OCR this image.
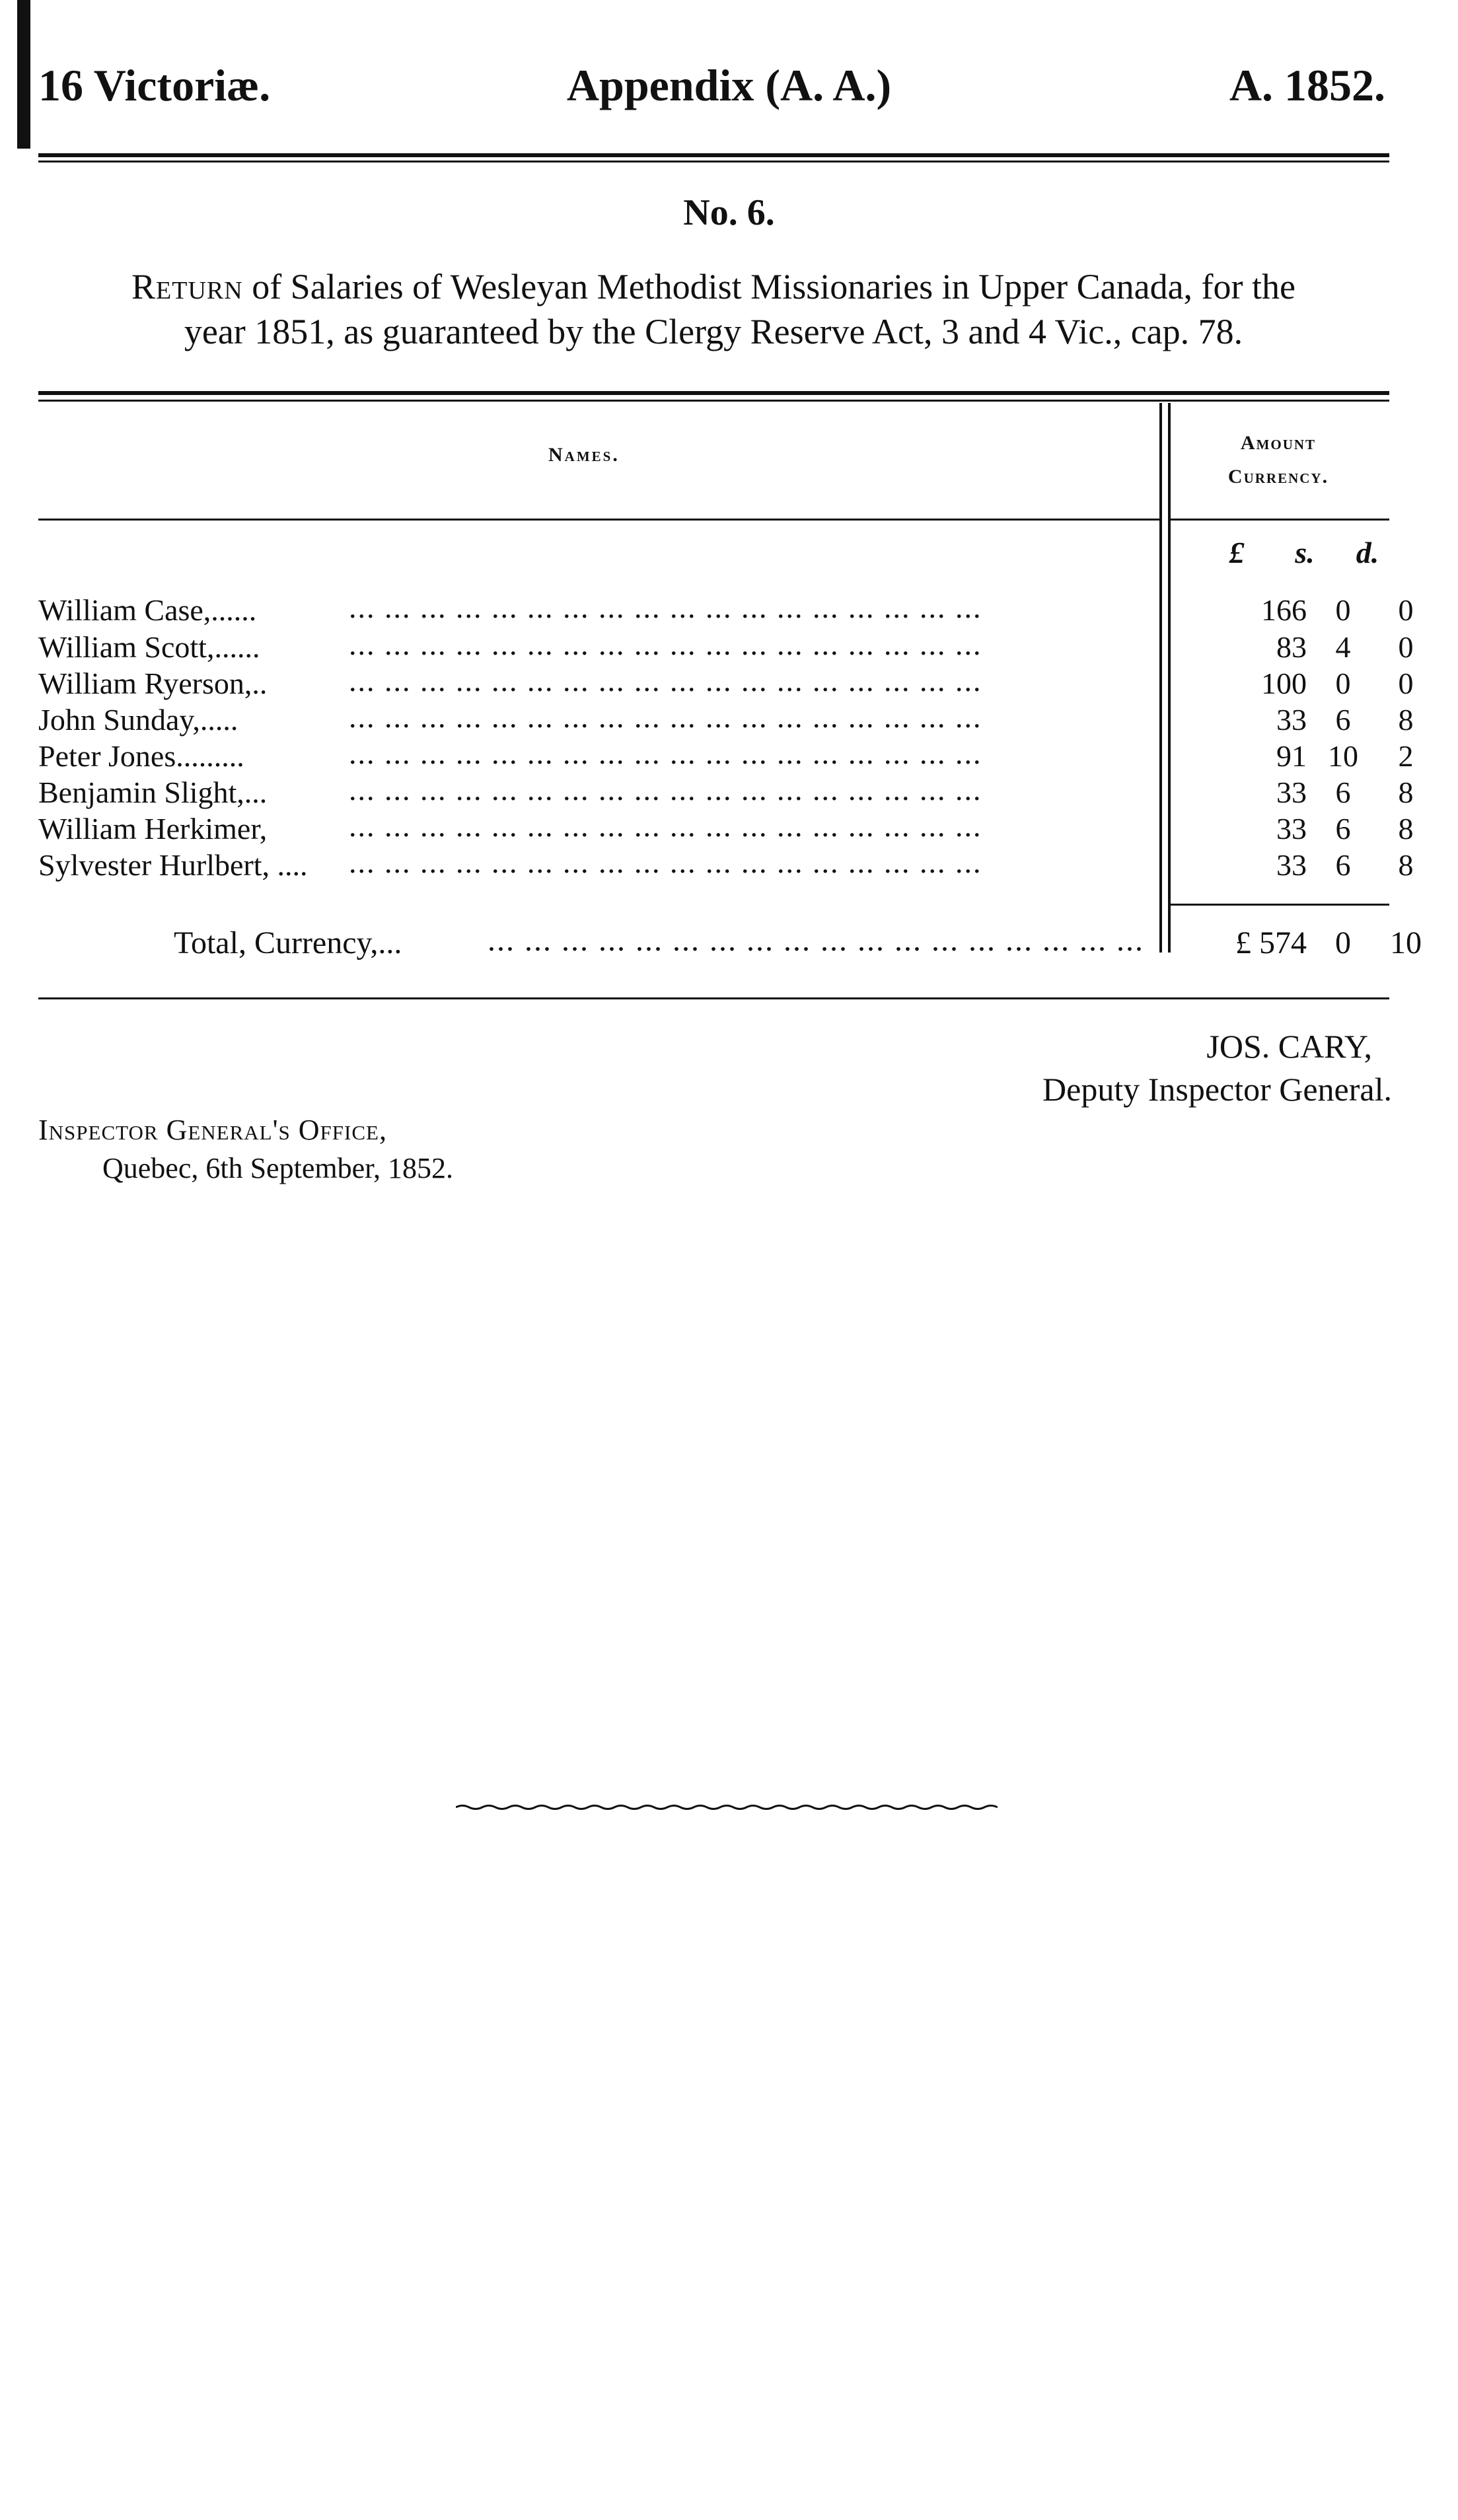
16 Victoriæ.	Appendix (A. A.)	A. 1852.
No. 6.
Return of Salaries of Wesleyan Methodist Missionaries in Upper Canada, for the
year 1851, as guaranteed by the Clergy Reserve Act, 3 and 4 Vic., cap. 78.
Names.
Amount
Currency.
£	s.	d.
William Case,......	... ... ... ... ... ... ... ... ... ... ... ... ... ... ... ... ... ...	166 0	0
William Scott,......	... ... ... ... ... ... ... ... ... ... ... ... ... ... ... ... ... ...	83 4	0
William Ryerson,..	... ... ... ... ... ... ... ... ... ... ... ... ... ... ... ... ... ...	100 0	0
John Sunday,.....	... ... ... ... ... ... ... ... ... ... ... ... ... ... ... ... ... ...	33 6	8
Peter Jones.........	... ... ... ... ... ... ... ... ... ... ... ... ... ... ... ... ... ...	91 10	2
Benjamin Slight,...	... ... ... ... ... ... ... ... ... ... ... ... ... ... ... ... ... ...	33 6	8
William Herkimer,	... ... ... ... ... ... ... ... ... ... ... ... ... ... ... ... ... ...	33 6	8
Sylvester Hurlbert, .... ... ... ... ... ... ... ... ... ... ... ... ... ... ... ... ... ... ...	33 6	8
Total, Currency,...	... ... ... ... ... ... ... ... ... ... ... ... ... ... ... ... ... ...	£ 574 0	10
JOS. CARY,
Deputy Inspector General.
Inspector General's Office,
Quebec, 6th September, 1852.
